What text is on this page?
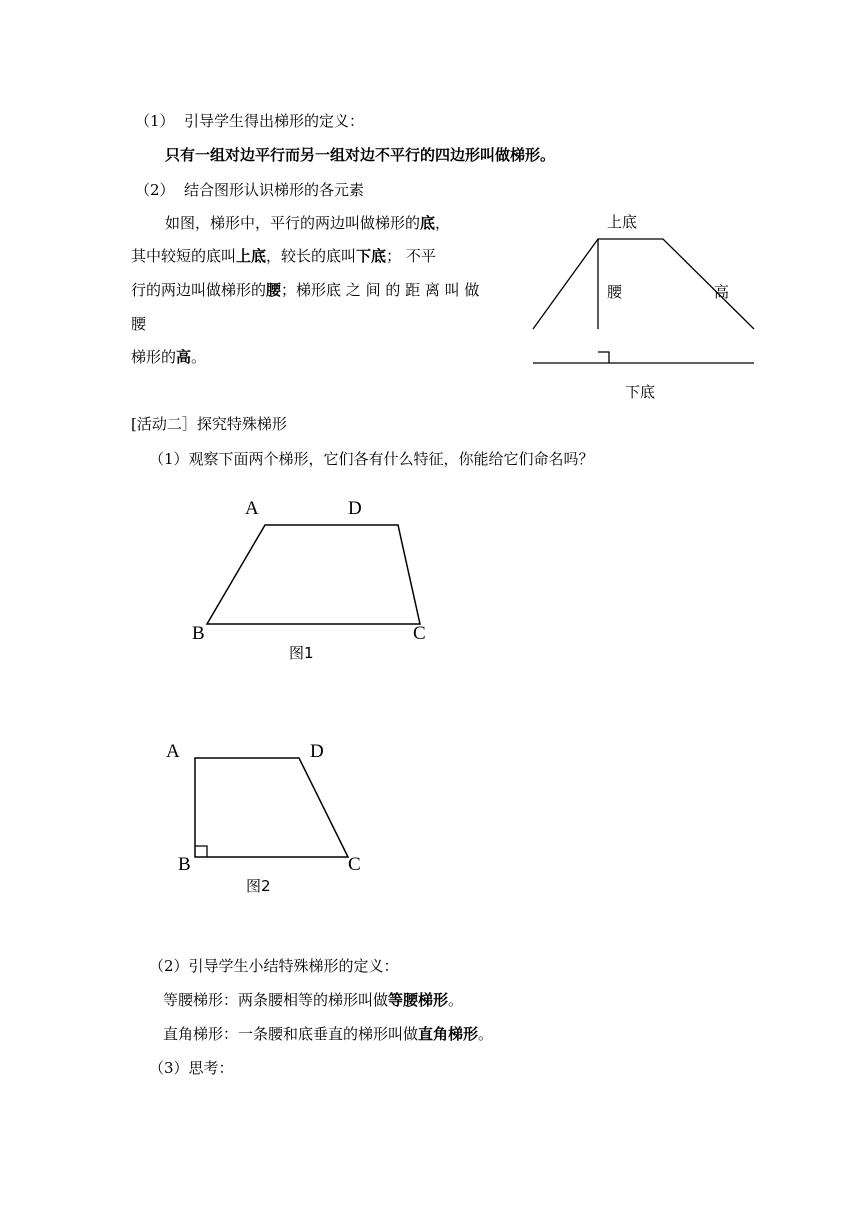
（1） 引导学生得出梯形的定义：
只有一组对边平行而另一组对边不平行的四边形叫做梯形。
（2） 结合图形认识梯形的各元素
如图，梯形中，平行的两边叫做梯形的底，
其中较短的底叫上底，较长的底叫下底； 不平
行的两边叫做梯形的腰；梯形底 之 间 的 距 离 叫 做
腰
梯形的高。
上底
腰	高
下底
[活动二］探究特殊梯形
（1）观察下面两个梯形，它们各有什么特征，你能给它们命名吗？
A	D
B	C
图1
A	D
B	C
图2
（2）引导学生小结特殊梯形的定义：
等腰梯形：两条腰相等的梯形叫做等腰梯形。
直角梯形：一条腰和底垂直的梯形叫做直角梯形。
（3）思考：
